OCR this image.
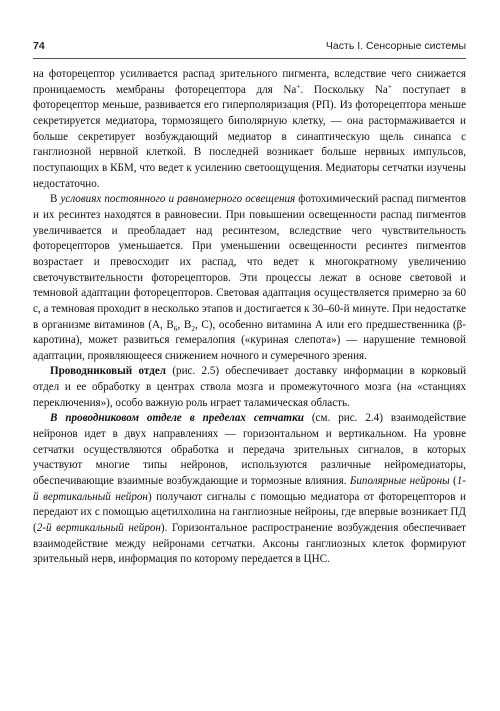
74	Часть I. Сенсорные системы

на фоторецептор усиливается распад зрительного пигмента, вследствие чего снижается проницаемость мембраны фоторецептора для Na+. Поскольку Na+ поступает в фоторецептор меньше, развивается его гиперполяризация (РП). Из фоторецептора меньше секретируется медиатора, тормозящего биполярную клетку, — она растормаживается и больше секретирует возбуждающий медиатор в синаптическую щель синапса с ганглиозной нервной клеткой. В последней возникает больше нервных импульсов, поступающих в КБМ, что ведет к усилению светоощущения. Медиаторы сетчатки изучены недостаточно.

В условиях постоянного и равномерного освещения фотохимический распад пигментов и их ресинтез находятся в равновесии. При повышении освещенности распад пигментов увеличивается и преобладает над ресинтезом, вследствие чего чувствительность фоторецепторов уменьшается. При уменьшении освещенности ресинтез пигментов возрастает и превосходит их распад, что ведет к многократному увеличению светочувствительности фоторецепторов. Эти процессы лежат в основе световой и темновой адаптации фоторецепторов. Световая адаптация осуществляется примерно за 60 с, а темновая проходит в несколько этапов и достигается к 30–60-й минуте. При недостатке в организме витаминов (А, $В_6$, $В_2$, С), особенно витамина А или его предшественника (β-каротина), может развиться гемералопия («куриная слепота») — нарушение темновой адаптации, проявляющееся снижением ночного и сумеречного зрения.

Проводниковый отдел (рис. 2.5) обеспечивает доставку информации в корковый отдел и ее обработку в центрах ствола мозга и промежуточного мозга (на «станциях переключения»), особо важную роль играет таламическая область.

В проводниковом отделе в пределах сетчатки (см. рис. 2.4) взаимодействие нейронов идет в двух направлениях — горизонтальном и вертикальном. На уровне сетчатки осуществляются обработка и передача зрительных сигналов, в которых участвуют многие типы нейронов, используются различные нейромедиаторы, обеспечивающие взаимные возбуждающие и тормозные влияния. Биполярные нейроны (1-й вертикальный нейрон) получают сигналы с помощью медиатора от фоторецепторов и передают их с помощью ацетилхолина на ганглиозные нейроны, где впервые возникает ПД (2-й вертикальный нейрон). Горизонтальное распространение возбуждения обеспечивает взаимодействие между нейронами сетчатки. Аксоны ганглиозных клеток формируют зрительный нерв, информация по которому передается в ЦНС.
